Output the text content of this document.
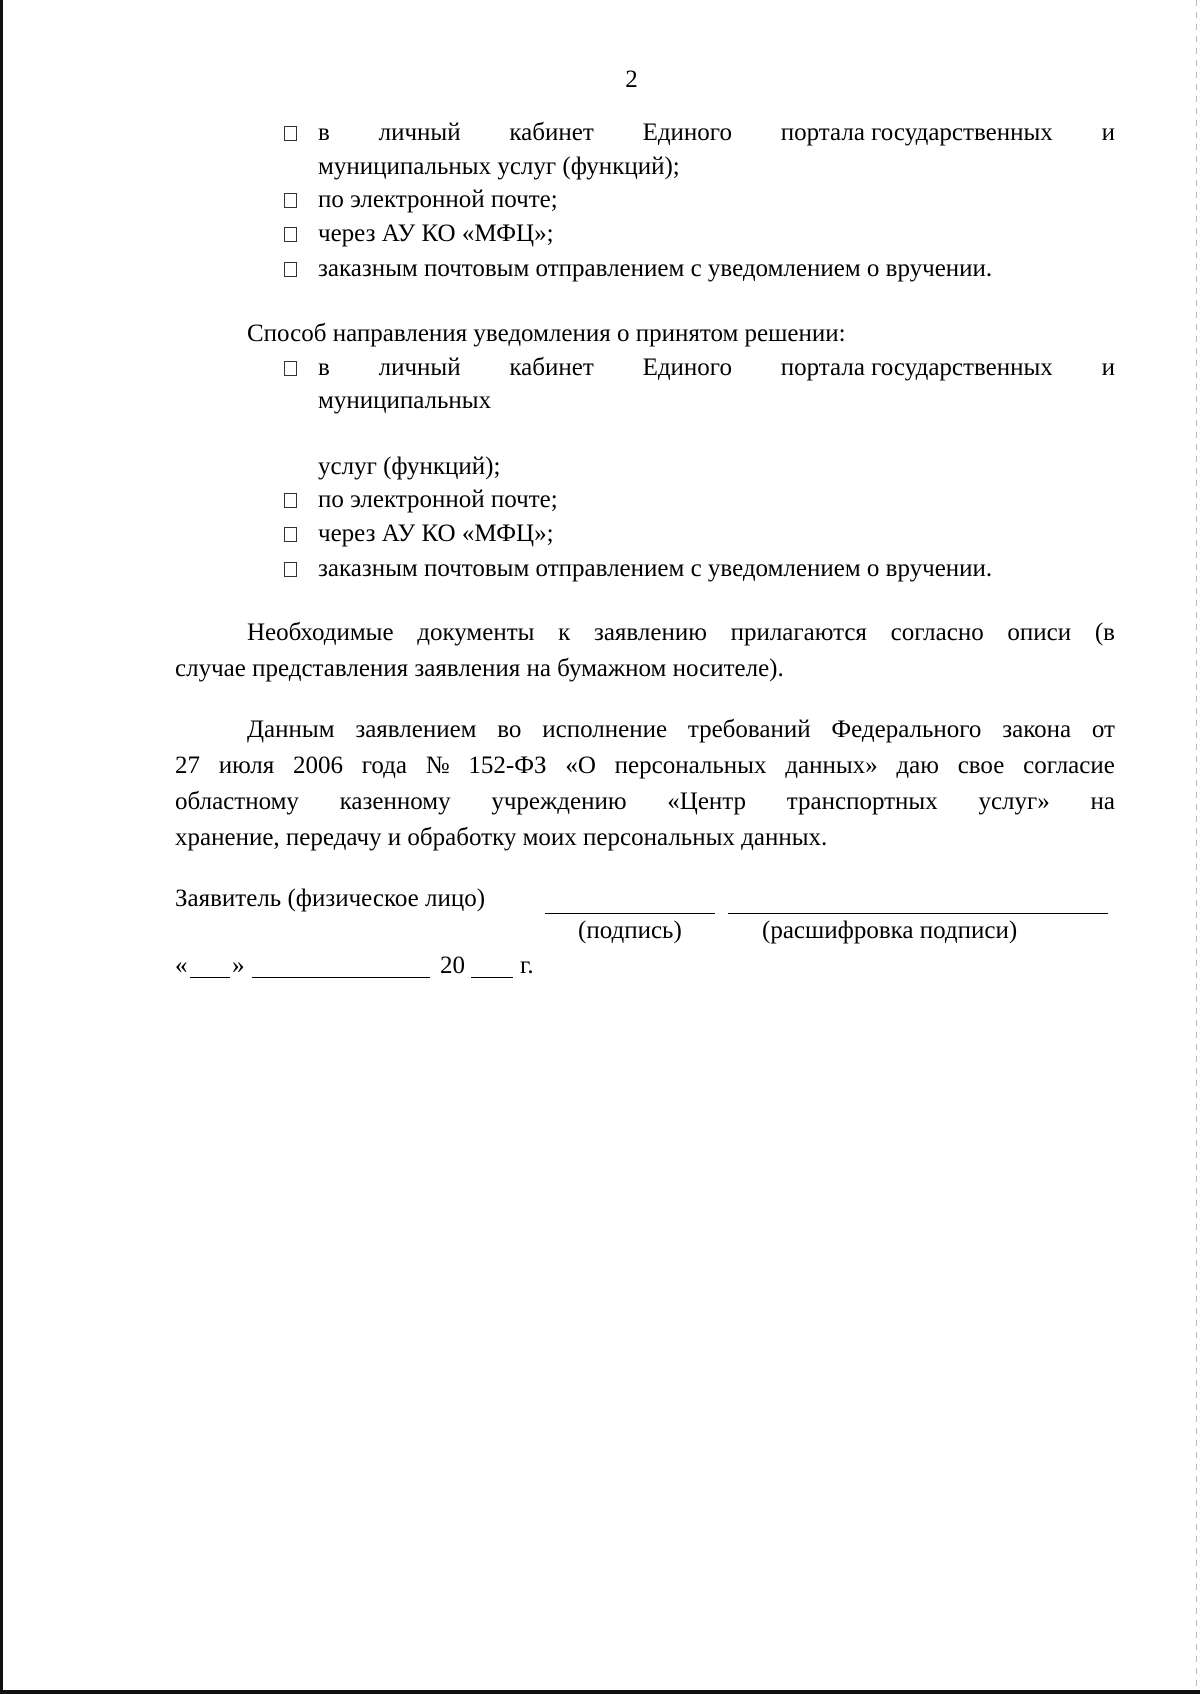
2
в личный кабинет Единого портала государственных и
муниципальных услуг (функций);
по электронной почте;
через АУ КО «МФЦ»;
заказным почтовым отправлением с уведомлением о вручении.
Способ направления уведомления о принятом решении:
в личный кабинет Единого портала государственных и
муниципальных
услуг (функций);
по электронной почте;
через АУ КО «МФЦ»;
заказным почтовым отправлением с уведомлением о вручении.
Необходимые документы к заявлению прилагаются согласно описи (в
случае представления заявления на бумажном носителе).
Данным заявлением во исполнение требований Федерального закона от
27 июля 2006 года № 152-ФЗ «О персональных данных» даю свое согласие
областному казенному учреждению «Центр транспортных услуг» на
хранение, передачу и обработку моих персональных данных.
Заявитель (физическое лицо)
(подпись)	(расшифровка подписи)
« »	20 г.
